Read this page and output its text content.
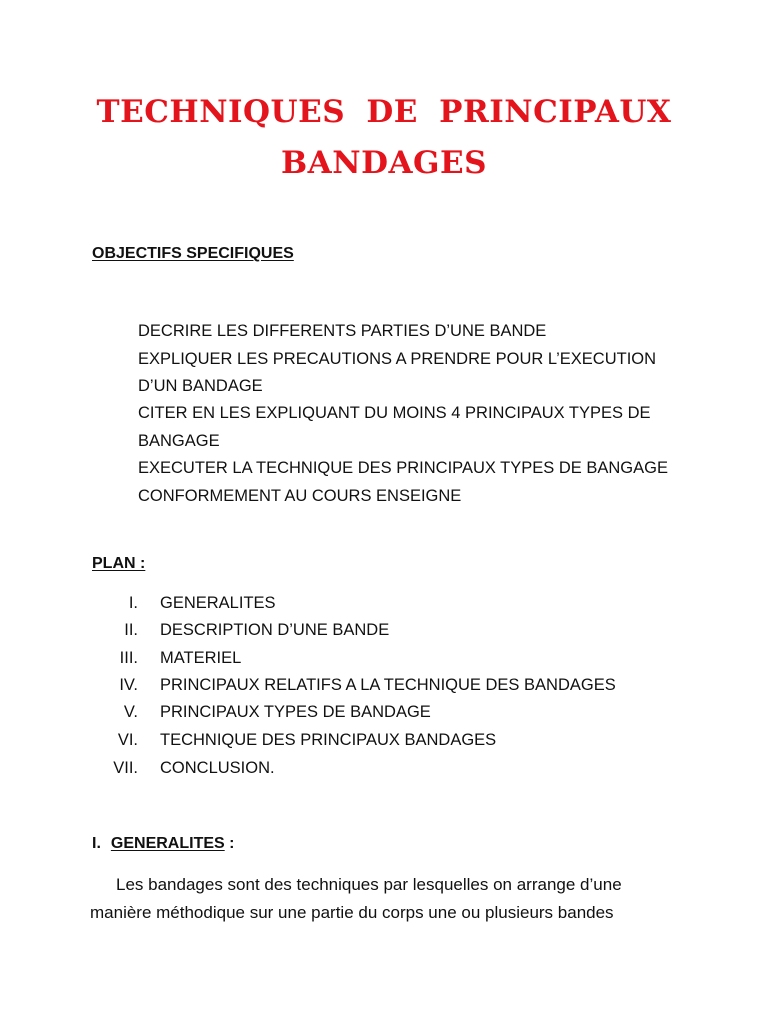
TECHNIQUES DE PRINCIPAUX
BANDAGES
OBJECTIFS SPECIFIQUES
DECRIRE LES DIFFERENTS PARTIES D’UNE BANDE
EXPLIQUER LES PRECAUTIONS A PRENDRE POUR L’EXECUTION
D’UN BANDAGE
CITER EN LES EXPLIQUANT DU MOINS 4 PRINCIPAUX TYPES DE
BANGAGE
EXECUTER LA TECHNIQUE DES PRINCIPAUX TYPES DE BANGAGE
CONFORMEMENT AU COURS ENSEIGNE
PLAN :
I. GENERALITES
II. DESCRIPTION D’UNE BANDE
III. MATERIEL
IV. PRINCIPAUX RELATIFS A LA TECHNIQUE DES BANDAGES
V. PRINCIPAUX TYPES DE BANDAGE
VI. TECHNIQUE DES PRINCIPAUX BANDAGES
VII. CONCLUSION.
I. GENERALITES :
Les bandages sont des techniques par lesquelles on arrange d’une
manière méthodique sur une partie du corps une ou plusieurs bandes
